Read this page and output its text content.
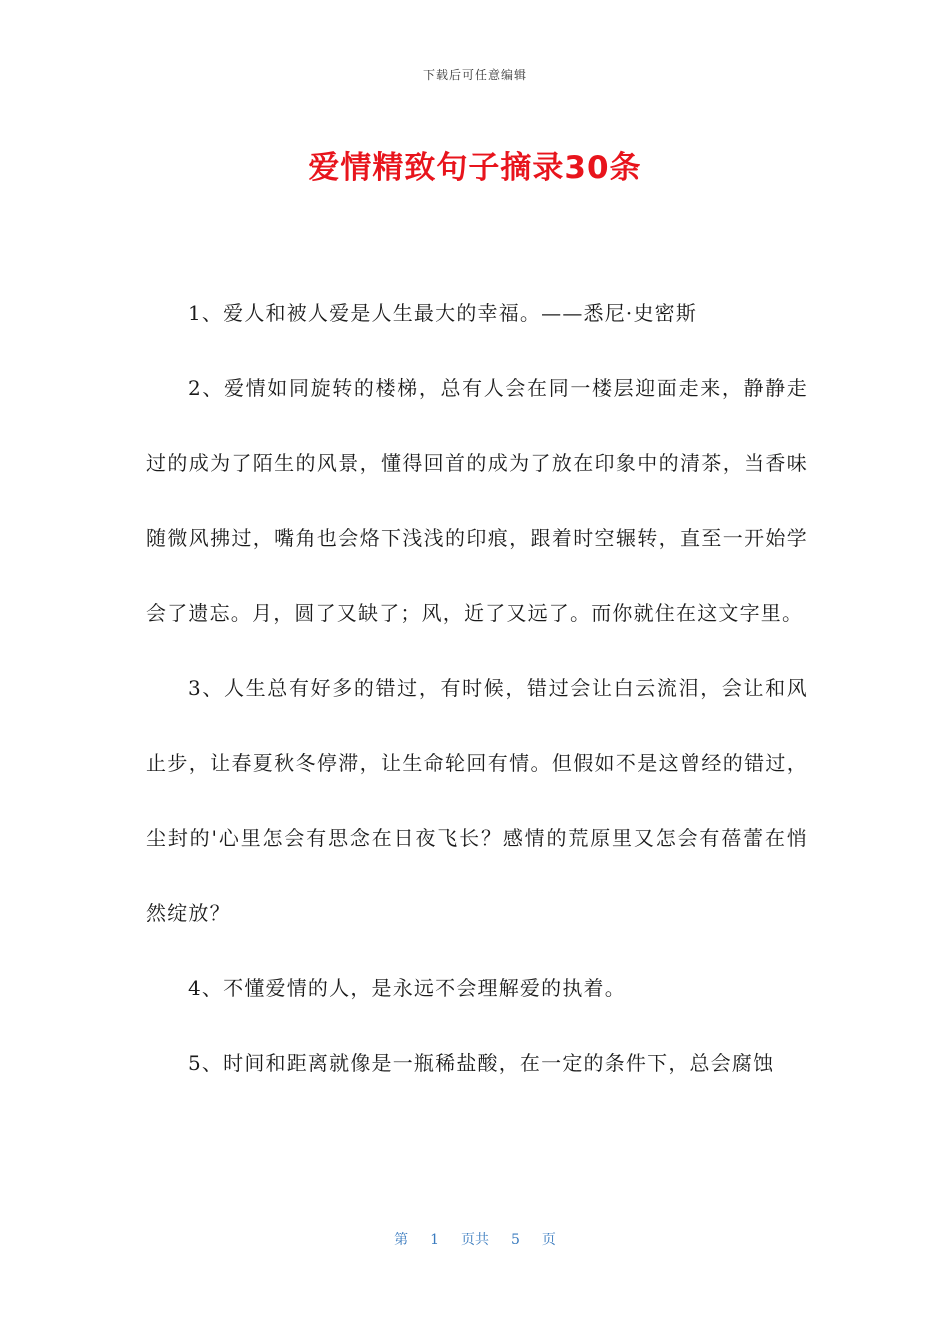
下载后可任意编辑
爱情精致句子摘录30条

1、爱人和被人爱是人生最大的幸福。——悉尼·史密斯

2、爱情如同旋转的楼梯，总有人会在同一楼层迎面走来，静静走过的成为了陌生的风景，懂得回首的成为了放在印象中的清茶，当香味随微风拂过，嘴角也会烙下浅浅的印痕，跟着时空辗转，直至一开始学会了遗忘。月，圆了又缺了；风，近了又远了。而你就住在这文字里。

3、人生总有好多的错过，有时候，错过会让白云流泪，会让和风止步，让春夏秋冬停滞，让生命轮回有情。但假如不是这曾经的错过，尘封的'心里怎会有思念在日夜飞长？感情的荒原里又怎会有蓓蕾在悄然绽放？

4、不懂爱情的人，是永远不会理解爱的执着。

5、时间和距离就像是一瓶稀盐酸，在一定的条件下，总会腐蚀

第 1 页共 5 页
